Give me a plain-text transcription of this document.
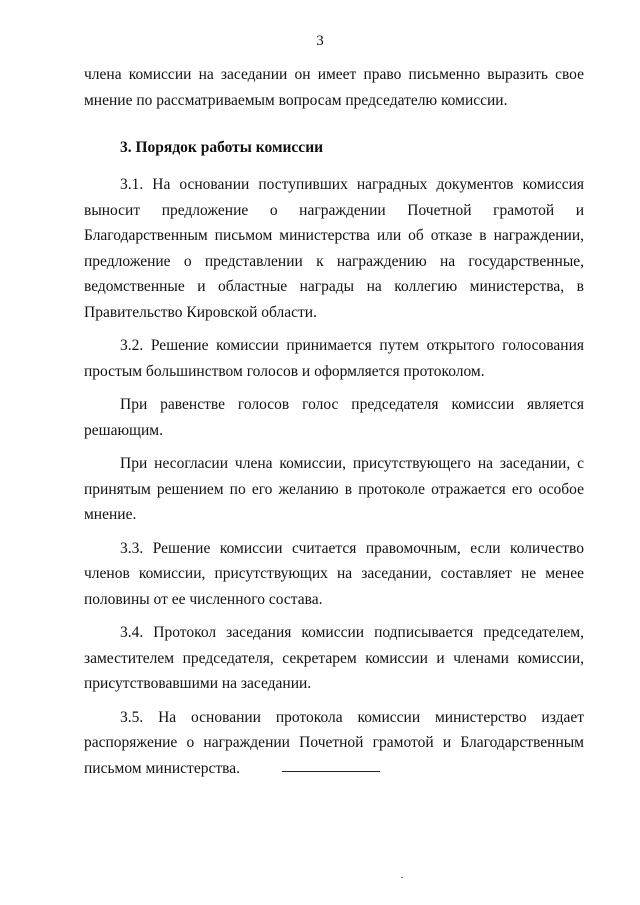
3

члена комиссии на заседании он имеет право письменно выразить свое мнение по рассматриваемым вопросам председателю комиссии.

3. Порядок работы комиссии

3.1. На основании поступивших наградных документов комиссия выносит предложение о награждении Почетной грамотой и Благодарственным письмом министерства или об отказе в награждении, предложение о представлении к награждению на государственные, ведомственные и областные награды на коллегию министерства, в Правительство Кировской области.

3.2. Решение комиссии принимается путем открытого голосования простым большинством голосов и оформляется протоколом.

При равенстве голосов голос председателя комиссии является решающим.

При несогласии члена комиссии, присутствующего на заседании, с принятым решением по его желанию в протоколе отражается его особое мнение.

3.3. Решение комиссии считается правомочным, если количество членов комиссии, присутствующих на заседании, составляет не менее половины от ее численного состава.

3.4. Протокол заседания комиссии подписывается председателем, заместителем председателя, секретарем комиссии и членами комиссии, присутствовавшими на заседании.

3.5. На основании протокола комиссии министерство издает распоряжение о награждении Почетной грамотой и Благодарственным письмом министерства.
